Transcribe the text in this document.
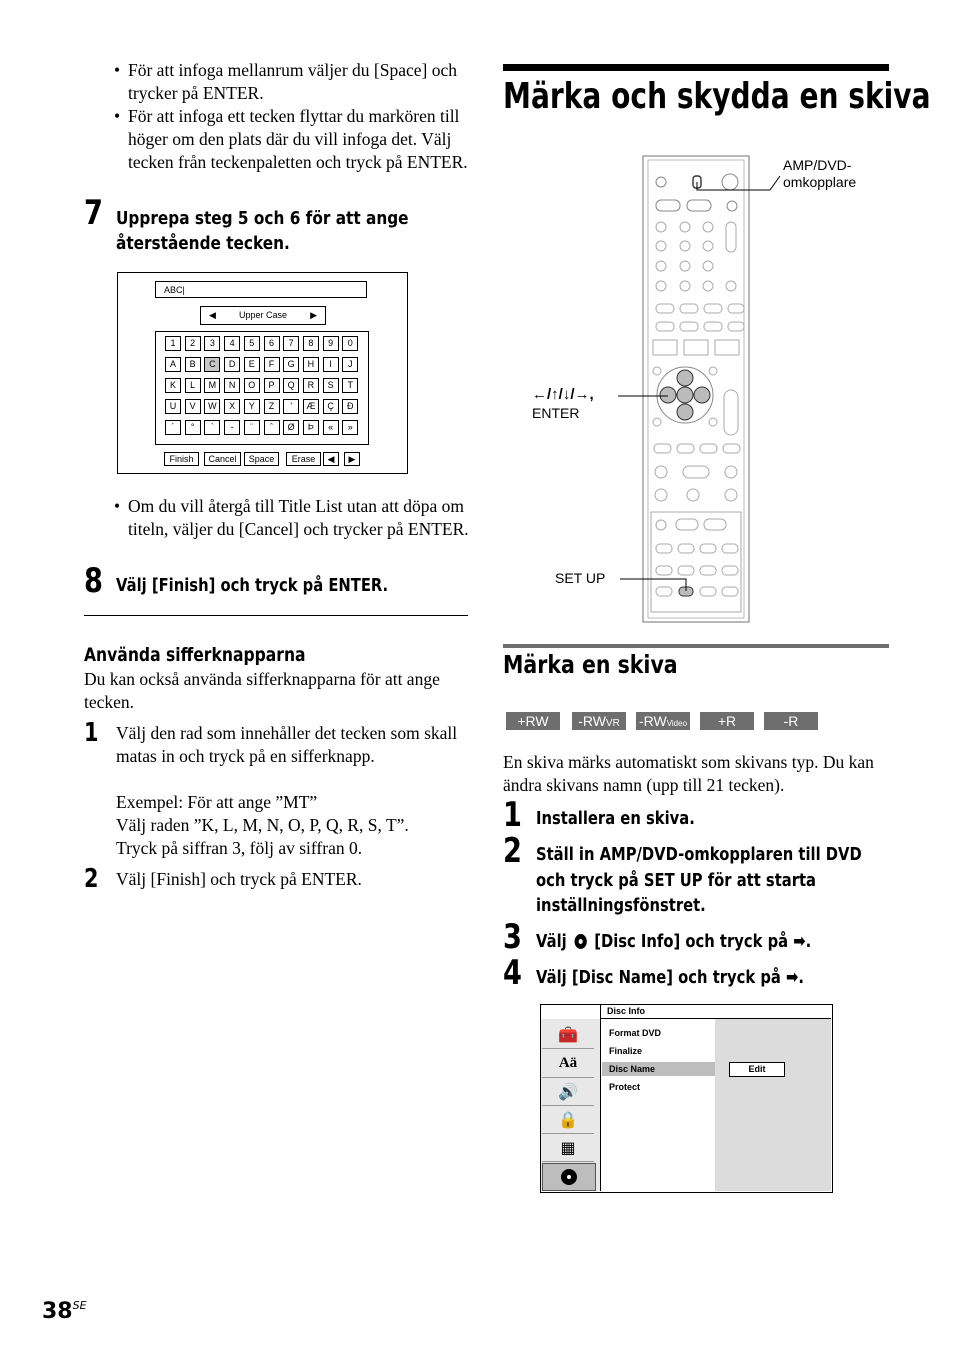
• För att infoga mellanrum väljer du [Space] och trycker på ENTER.
• För att infoga ett tecken flyttar du markören till höger om den plats där du vill infoga det. Välj tecken från teckenpaletten och tryck på ENTER.
7 Upprepa steg 5 och 6 för att ange återstående tecken.
ABC|
◀	Upper Case	▶
1	2	3	4	5	6	7	8	9	0
A	B	C	D	E	F	G	H	I	J
K	L	M	N	O	P	Q	R	S	T
U	V	W	X	Y	Z	'	Æ	Ç	Ð
´	°	`	-	¨	ˆ	Ø	Þ	«	»
Finish	Cancel	Space	Erase	◀	▶
• Om du vill återgå till Title List utan att döpa om titeln, väljer du [Cancel] och trycker på ENTER.
8 Välj [Finish] och tryck på ENTER.
Använda sifferknapparna
Du kan också använda sifferknapparna för att ange tecken.
1 Välj den rad som innehåller det tecken som skall matas in och tryck på en sifferknapp.
Exempel: För att ange ”MT”
Välj raden ”K, L, M, N, O, P, Q, R, S, T”.
Tryck på siffran 3, följ av siffran 0.
2 Välj [Finish] och tryck på ENTER.
Märka och skydda en skiva
AMP/DVD-
omkopplare
←/↑/↓/→,
ENTER
SET UP
Märka en skiva
+RW	-RWVR	-RWVideo	+R	-R
En skiva märks automatiskt som skivans typ. Du kan ändra skivans namn (upp till 21 tecken).
1 Installera en skiva.
2 Ställ in AMP/DVD-omkopplaren till DVD och tryck på SET UP för att starta inställningsfönstret.
3 Välj
[Disc Info] och tryck på ➡.
4 Välj [Disc Name] och tryck på ➡.
Disc Info
🧰
Aä
🔊
🔒
▦
Format DVD
Finalize
Disc Name
Protect
Edit
$38^{SE}$
